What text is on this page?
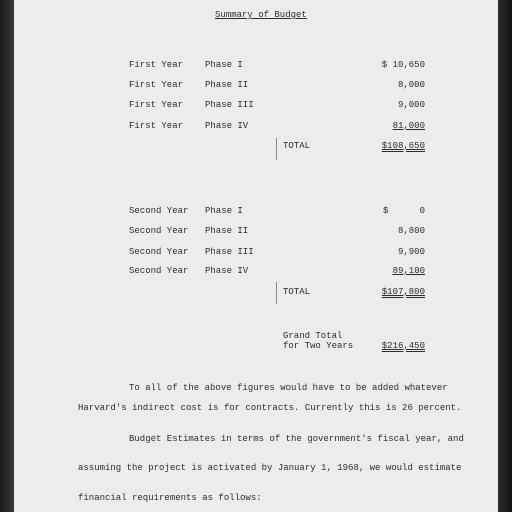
Summary of Budget
First Year Phase I	$ 10,650
First Year Phase II	8,000
First Year Phase III	9,000
First Year Phase IV	81,000
TOTAL	$108,650
Second Year Phase I	$	0
Second Year Phase II	8,800
Second Year Phase III	9,900
Second Year Phase IV	89,100
TOTAL	$107,800
Grand Total
for Two Years	$216,450
To all of the above figures would have to be added whatever
Harvard's indirect cost is for contracts. Currently this is 26 percent.
Budget Estimates in terms of the government's fiscal year, and
assuming the project is activated by January 1, 1968, we would estimate
financial requirements as follows:
